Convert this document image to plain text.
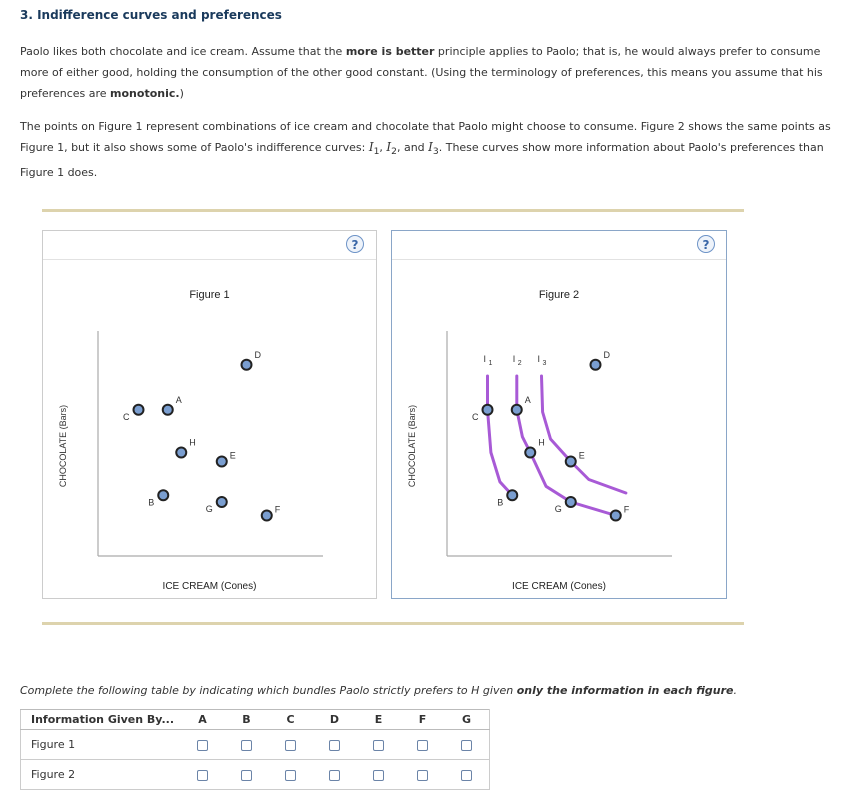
3. Indifference curves and preferences
Paolo likes both chocolate and ice cream. Assume that the more is better principle applies to Paolo; that is, he would always prefer to consume more of either good, holding the consumption of the other good constant. (Using the terminology of preferences, this means you assume that his preferences are monotonic.)
The points on Figure 1 represent combinations of ice cream and chocolate that Paolo might choose to consume. Figure 2 shows the same points as Figure 1, but it also shows some of Paolo's indifference curves: $I_1$, $I_2$, and $I_3$. These curves show more information about Paolo's preferences than Figure 1 does.
?
Figure 1
CHOCOLATE (Bars)
ICE CREAM (Cones)
A
B
C
D
E
F
G
H
?
Figure 2
CHOCOLATE (Bars)
ICE CREAM (Cones)
I 1 I 2 I 3
A
B
C
D
E
F
G
H
Complete the following table by indicating which bundles Paolo strictly prefers to H given only the information in each figure.
Information Given By...	A	B	C	D	E	F	G
Figure 1							
Figure 2							
